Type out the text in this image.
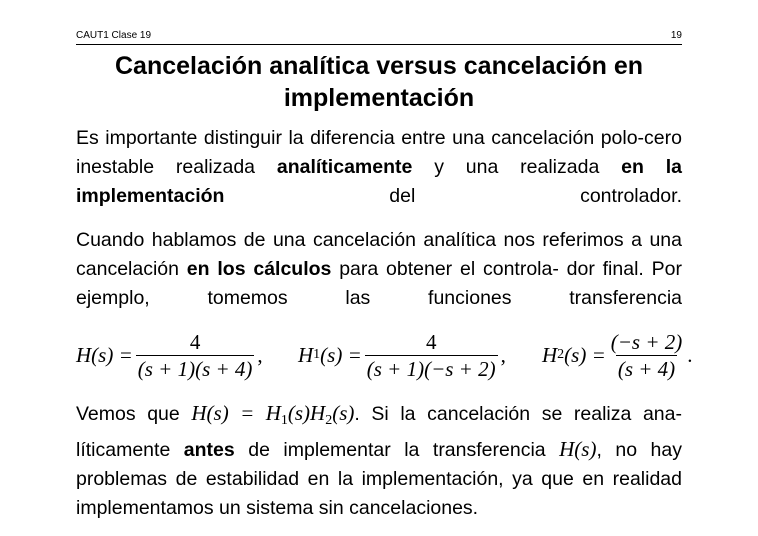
CAUT1 Clase 19	19
Cancelación analítica versus cancelación en
implementación

Es importante distinguir la diferencia entre una cancelación polo-cero inestable realizada analíticamente y una realizada en la implementación del controlador.

Cuando hablamos de una cancelación analítica nos referimos a una cancelación en los cálculos para obtener el controla- dor final. Por ejemplo, tomemos las funciones transferencia

$H(s) = \frac{4}{(s + 1)(s + 4)}$ , H 1 $(s) = \frac{4}{(s + 1)(-s + 2)}$ , H 2 $(s) = \frac{(-s + 2)}{(s + 4)}$ .

Vemos que $H(s) = H_1(s)H_2(s)$. Si la cancelación se realiza ana- líticamente antes de implementar la transferencia H(s), no hay problemas de estabilidad en la implementación, ya que en realidad implementamos un sistema sin cancelaciones.
